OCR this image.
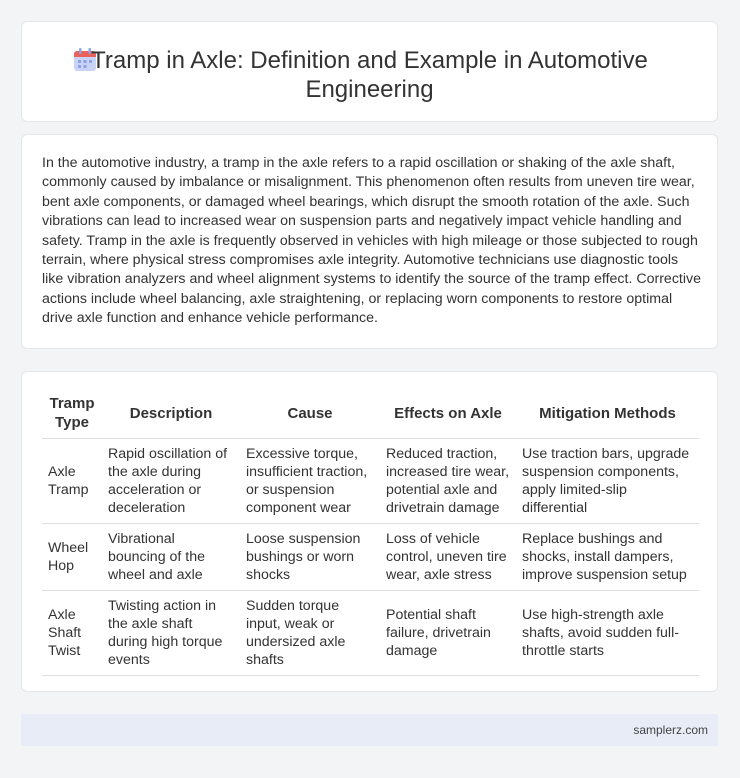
Tramp in Axle: Definition and Example in Automotive
Engineering

In the automotive industry, a tramp in the axle refers to a rapid oscillation or shaking of the axle shaft, commonly caused by imbalance or misalignment. This phenomenon often results from uneven tire wear, bent axle components, or damaged wheel bearings, which disrupt the smooth rotation of the axle. Such vibrations can lead to increased wear on suspension parts and negatively impact vehicle handling and safety. Tramp in the axle is frequently observed in vehicles with high mileage or those subjected to rough terrain, where physical stress compromises axle integrity. Automotive technicians use diagnostic tools like vibration analyzers and wheel alignment systems to identify the source of the tramp effect. Corrective actions include wheel balancing, axle straightening, or replacing worn components to restore optimal drive axle function and enhance vehicle performance.

Tramp Type	Description	Cause	Effects on Axle	Mitigation Methods
Axle Tramp	Rapid oscillation of the axle during acceleration or deceleration	Excessive torque, insufficient traction, or suspension component wear	Reduced traction, increased tire wear, potential axle and drivetrain damage	Use traction bars, upgrade suspension components, apply limited-slip differential
Wheel Hop	Vibrational bouncing of the wheel and axle	Loose suspension bushings or worn shocks	Loss of vehicle control, uneven tire wear, axle stress	Replace bushings and shocks, install dampers, improve suspension setup
Axle Shaft Twist	Twisting action in the axle shaft during high torque events	Sudden torque input, weak or undersized axle shafts	Potential shaft failure, drivetrain damage	Use high-strength axle shafts, avoid sudden full-throttle starts
samplerz.com
